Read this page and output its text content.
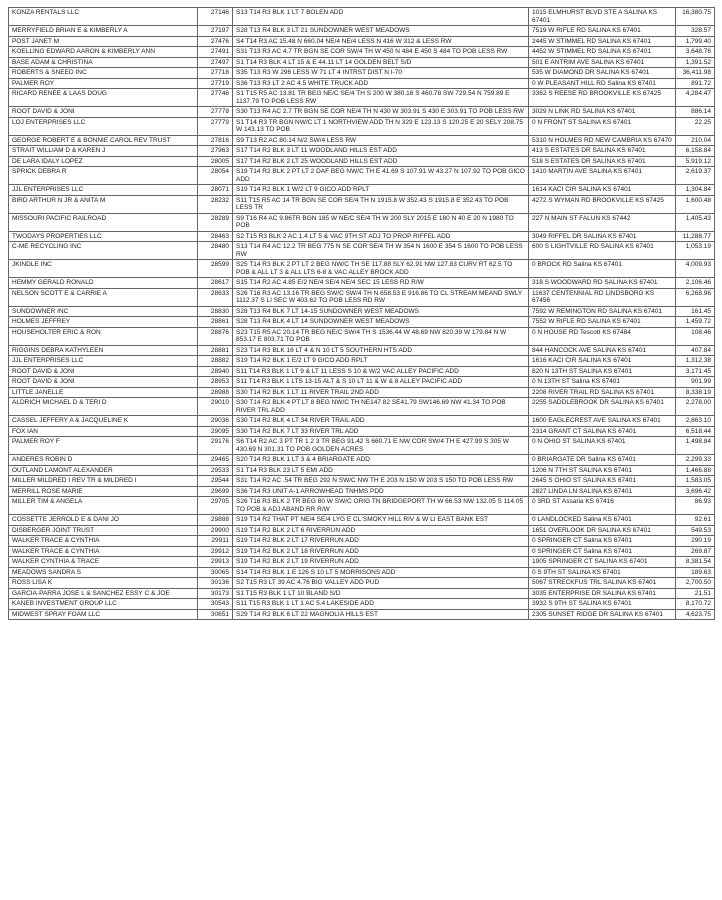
KONZA RENTALS LLC	27146	S13 T14 R3 BLK 1 LT 7 BOLEN ADD	1015 ELMHURST BLVD STE A SALINA KS 67401	16,380.75
MERRYFIELD BRIAN E & KIMBERLY A	27197	S28 T13 R4 BLK 3 LT 21 SUNDOWNER WEST MEADOWS	7519 W RIFLE RD SALINA KS 67401	328.57
POST JANET M	27476	S4 T14 R3 AC 15.48 N 660.04 NE/4 NE/4 LESS N 416 W 312 & LESS RW	2445 W STIMMEL RD SALINA KS 67401	1,799.40
KOELLING EDWARD AARON & KIMBERLY ANN	27491	S31 T13 R3 AC 4.7 TR BGN SE COR SW/4 TH W 450 N 484 E 450 S 484 TO POB LESS RW	4452 W STIMMEL RD SALINA KS 67401	3,648.76
BASE ADAM & CHRISTINA	27497	S1 T14 R3 BLK 4 LT 15 & E 44.11 LT 14 GOLDEN BELT S/D	501 E ANTRIM AVE SALINA KS 67401	1,391.52
ROBERTS & SNEED INC	27718	S35 T13 R3 W 296 LESS W 71 LT 4 INTRST DIST N I-70	535 W DIAMOND DR SALINA KS 67401	36,411.98
PALMER ROY	27719	S36 T13 R3 LT 2 AC 4.5 WHITE TRUCK ADD	0 W PLEASANT HILL RD Salina KS 67401	891.72
RICARD RENEE & LAAS DOUG	27746	S1 T15 R5 AC 13.81 TR BEG NE/C SE/4 TH S 200 W 380.16 S 460.78 SW 729.54 N 759.89 E 1137.79 TO POB LESS RW	3362 S REESE RD BROOKVILLE KS 67425	4,284.47
ROOT DAVID & JONI	27778	S30 T13 R4 AC 2.7 TR BGN SE COR NE/4 TH N 430 W 303.91 S 430 E 303.91 TO POB LESS RW	3029 N LINK RD SALINA KS 67401	886.14
LOJ ENTERPRISES LLC	27779	S1 T14 R3 TR BGN NW/C LT 1 NORTHVIEW ADD TH N 329 E 123.13 S 120.25 E 20 SELY 208.75 W 143.13 TO POB	0 N FRONT ST SALINA KS 67401	22.25
GEORGE ROBERT E & BONNIE CAROL REV TRUST	27816	S9 T13 R2 AC 80.14 N/2 SW/4 LESS RW	5310 N HOLMES RD NEW CAMBRIA KS 67470	210.04
STRAIT WILLIAM D & KAREN J	27963	S17 T14 R2 BLK 3 LT 11 WOODLAND HILLS EST ADD	413 S ESTATES DR SALINA KS 67401	6,158.84
DE LARA IDALY LOPEZ	28005	S17 T14 R2 BLK 2 LT 25 WOODLAND HILLS EST ADD	518 S ESTATES DR SALINA KS 67401	5,919.12
SPRICK DEBRA R	28054	S19 T14 R2 BLK 2 PT LT 2 DAF BEG NW/C TH E 41.69 S 107.91 W 43.27 N 107.92 TO POB GICO ADD	1410 MARTIN AVE SALINA KS 67401	2,619.37
JJL ENTERPRISES LLC	28071	S19 T14 R2 BLK 1 W/2 LT 9 GICO ADD RPLT	1614 KACI CIR SALINA KS 67401	1,304.84
BIRD ARTHUR N JR & ANITA M	28232	S11 T15 R5 AC 14 TR BGN SE COR SE/4 TH N 1915.8 W 352.43 S 1915.8 E 352.43 TO POB LESS TR	4272 S WYMAN RD BROOKVILLE KS 67425	1,600.48
MISSOURI PACIFIC RAILROAD	28289	S9 T16 R4 AC 9.86TR BGN 185 W NE/C SE/4 TH W 200 SLY 2015 E 180 N 40 E 20 N 1980 TO POB	227 N MAIN ST FALUN KS 67442	1,405.43
TWODAYS PROPERTIES LLC	28463	S2 T15 R3 BLK 2 AC 1.4 LT 5 & VAC 9TH ST ADJ TO PROP RIFFEL ADD	3049 RIFFEL DR SALINA KS 67401	11,288.77
C-ME RECYCLING INC	28480	S13 T14 R4 AC 12.2 TR BEG 775 N SE COR SE/4 TH W 354 N 1600 E 354 S 1600 TO POB LESS RW	600 S LIGHTVILLE RD SALINA KS 67401	1,053.19
JKINDLE INC	28599	S25 T14 R3 BLK 2 PT LT 2 BEG NW/C TH SE 117.88 SLY 62.91 NW 127.83 CURV RT 62.5 TO POB & ALL LT 3 & ALL LTS 6-8 & VAC ALLEY BROCK ADD	0 BROCK RD Salina KS 67401	4,009.93
HEMMY GERALD RONALD	28617	S15 T14 R2 AC 4.85 E/2 NE/4 SE/4 NE/4 SEC 15 LESS RD R/W	318 S WOODWARD RD SALINA KS 67401	2,106.46
NELSON SCOTT E & CARRIE A	28633	S26 T16 R3 AC 13.16 TR BEG SW/C SW/4 TH N 658.53 E 916.86 TO CL STREAM MEAND SWLY 1112.37 S LI SEC W 403.62 TO POB LESS RD RW	11637 CENTENNIAL RD LINDSBORG KS 67456	6,268.96
SUNDOWNER INC	28830	S28 T13 R4 BLK 7 LT 14-15 SUNDOWNER WEST MEADOWS	7592 W REMINGTON RD SALINA KS 67401	161.45
HOLMES JEFFREY	28861	S28 T13 R4 BLK 4 LT 14 SUNDOWNER WEST MEADOWS	7552 W RIFLE RD SALINA KS 67401	1,459.72
HOUSEHOLTER ERIC & RON	28876	S23 T15 R5 AC 20.14 TR BEG NE/C SW/4 TH S 1536.44 W 48.69 NW 820.39 W 179.84 N W 853.17 E 803.71 TO POB	0 N HOUSE RD Tescott KS 67484	108.46
RIGGINS DEBRA KATHYLEEN	28881	S23 T14 R3 BLK 16 LT 4 & N 10 LT 5 SOUTHERN HTS ADD	844 HANCOCK AVE SALINA KS 67401	407.84
JJL ENTERPRISES LLC	28882	S19 T14 R2 BLK 1 E/2 LT 9 GICO ADD RPLT	1616 KACI CIR SALINA KS 67401	1,312.38
ROOT DAVID & JONI	28940	S11 T14 R3 BLK 1 LT 9 & LT 11 LESS S 10 & W/2 VAC ALLEY PACIFIC ADD	820 N 13TH ST SALINA KS 67401	3,171.45
ROOT DAVID & JONI	28953	S11 T14 R3 BLK 1 LTS 13-15 ALT & S 10 LT 11 & W & 8 ALLEY PACIFIC ADD	0 N 13TH ST Salina KS 67401	901.99
LITTLE JANELLE	28988	S30 T14 R2 BLK 1 LT 11 RIVER TRAIL 2ND ADD	2208 RIVER TRAIL RD SALINA KS 67401	8,338.19
ALDRICH MICHAEL D & TERI D	29010	S30 T14 R2 BLK 4 PT LT 8 BEG NW/C TH NE147.82 SE41.79 SW146.69 NW 41.34 TO POB RIVER TRL ADD	2255 SADDLEBROOK DR SALINA KS 67401	2,278.00
CASSEL JEFFERY A & JACQUELINE K	29036	S30 T14 R2 BLK 4 LT 34 RIVER TRAIL ADD	1600 EAGLECREST AVE SALINA KS 67401	2,863.10
FOX IAN	29095	S30 T14 R2 BLK 7 LT 33 RIVER TRL ADD	2314 GRANT CT SALINA KS 67401	6,518.44
PALMER ROY F	29176	S6 T14 R2 AC 3 PT TR 1 2 3 TR BEG 91.42 S 660.71 E NW COR SW/4 TH E 427.99 S 305 W 430.69 N 301.31 TO POB GOLDEN ACRES	0 N OHIO ST SALINA KS 67401	1,498.84
ANDERES ROBIN D	29465	S20 T14 R2 BLK 1 LT 3 & 4 BRIARGATE ADD	0 BRIARGATE DR Salina KS 67401	2,299.33
OUTLAND LAMONT ALEXANDER	29533	S1 T14 R3 BLK 23 LT 5 EMI ADD	1206 N 7TH ST SALINA KS 67401	1,466.88
MILLER MILDRED I REV TR & MILDRED I	29544	S31 T14 R2 AC .54 TR BEG 292 N SW/C NW TH E 203 N 150 W 203 S 150 TO POB LESS RW	2645 S OHIO ST SALINA KS 67401	1,583.05
MERRILL ROSE MARIE	29699	S36 T14 R3 UNIT A-1 ARROWHEAD TNHMS PDD	2827 LINDA LN SALINA KS 67401	3,696.42
MILLER TIM & ANGELA	29705	S26 T16 R3 BLK 2 TR BEG 80 W SW/C ORIG TN BRIDGEPORT TH W 66.53 NW 132.05 S 114.05 TO POB & ADJ ABAND RR R/W	0 3RD ST Assaria KS 67416	86.93
COSSETTE JERROLD E & DANI JO	29888	S19 T14 R2 THAT PT NE/4 SE/4 LYG E CL SMOKY HILL RIV & W LI EAST BANK EST	0 LANDLOCKED Salina KS 67401	92.61
DISBERGER JOINT TRUST	29900	S19 T14 R2 BLK 2 LT 6 RIVERRUN ADD	1651 OVERLOOK DR SALINA KS 67401	549.53
WALKER TRACE & CYNTHIA	29911	S19 T14 R2 BLK 2 LT 17 RIVERRUN ADD	0 SPRINGER CT Salina KS 67401	290.19
WALKER TRACE & CYNTHIA	29912	S19 T14 R2 BLK 2 LT 18 RIVERRUN ADD	0 SPRINGER CT Salina KS 67401	269.87
WALKER CYNTHIA & TRACE	29913	S19 T14 R2 BLK 2 LT 19 RIVERRUN ADD	1905 SPRINGER CT SALINA KS 67401	8,381.54
MEADOWS SANDRA S	30065	S14 T14 R3 BLK 1 E 126 S 10 LT 5 MORRISONS ADD	0 S 9TH ST SALINA KS 67401	189.63
ROSS LISA K	30136	S2 T15 R3 LT 39 AC 4.76 BIG VALLEY ADD PUD	5067 STRECKFUS TRL SALINA KS 67401	2,700.50
GARCIA-PARRA JOSE L & SANCHEZ ESSY C & JOE	30173	S1 T15 R3 BLK 1 LT 10 BLAND S/D	3035 ENTERPRISE DR SALINA KS 67401	21.51
KANEB INVESTMENT GROUP LLC	30543	S11 T15 R3 BLK 1 LT 1 AC 5.4 LAKESIDE ADD	3932 S 9TH ST SALINA KS 67401	8,170.72
MIDWEST SPRAY FOAM LLC	30651	S29 T14 R2 BLK 6 LT 22 MAGNOLIA HILLS EST	2305 SUNSET RIDGE DR SALINA KS 67401	4,623.75
